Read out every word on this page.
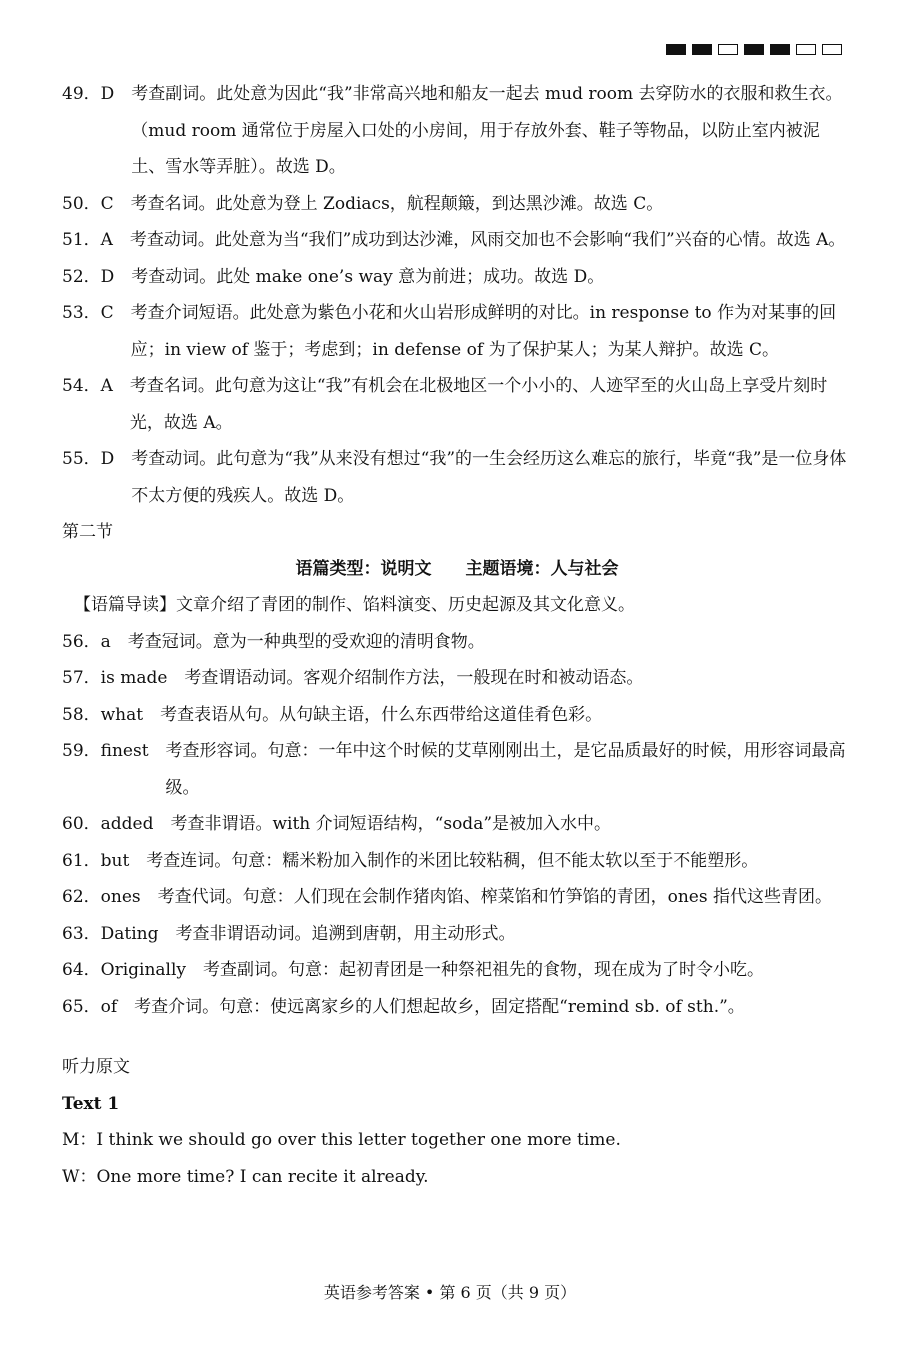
49．D　 考查副词。此处意为因此“我”非常高兴地和船友一起去 mud room 去穿防水的衣服和救生衣。（mud room 通常位于房屋入口处的小房间，用于存放外套、鞋子等物品，以防止室内被泥土、雪水等弄脏）。故选 D。
50．C　 考查名词。此处意为登上 Zodiacs，航程颠簸，到达黑沙滩。故选 C。
51．A　 考查动词。此处意为当“我们”成功到达沙滩，风雨交加也不会影响“我们”兴奋的心情。故选 A。
52．D　 考查动词。此处 make one’s way 意为前进；成功。故选 D。
53．C　 考查介词短语。此处意为紫色小花和火山岩形成鲜明的对比。in response to 作为对某事的回应；in view of 鉴于；考虑到；in defense of 为了保护某人；为某人辩护。故选 C。
54．A　 考查名词。此句意为这让“我”有机会在北极地区一个小小的、人迹罕至的火山岛上享受片刻时光，故选 A。
55．D　 考查动词。此句意为“我”从来没有想过“我”的一生会经历这么难忘的旅行，毕竟“我”是一位身体不太方便的残疾人。故选 D。
第二节
语篇类型：说明文　　主题语境：人与社会
【语篇导读】文章介绍了青团的制作、馅料演变、历史起源及其文化意义。
56．a　 考查冠词。意为一种典型的受欢迎的清明食物。
57．is made　 考查谓语动词。客观介绍制作方法，一般现在时和被动语态。
58．what　 考查表语从句。从句缺主语，什么东西带给这道佳肴色彩。
59．finest　 考查形容词。句意：一年中这个时候的艾草刚刚出土，是它品质最好的时候，用形容词最高级。
60．added　 考查非谓语。with 介词短语结构，“soda”是被加入水中。
61．but　 考查连词。句意：糯米粉加入制作的米团比较粘稠，但不能太软以至于不能塑形。
62．ones　 考查代词。句意：人们现在会制作猪肉馅、榨菜馅和竹笋馅的青团，ones 指代这些青团。
63．Dating　 考查非谓语动词。追溯到唐朝，用主动形式。
64．Originally　 考查副词。句意：起初青团是一种祭祀祖先的食物，现在成为了时令小吃。
65．of　 考查介词。句意：使远离家乡的人们想起故乡，固定搭配“remind sb. of sth.”。
听力原文
Text 1
M：I think we should go over this letter together one more time.
W：One more time? I can recite it already.
英语参考答案 • 第 6 页（共 9 页）
